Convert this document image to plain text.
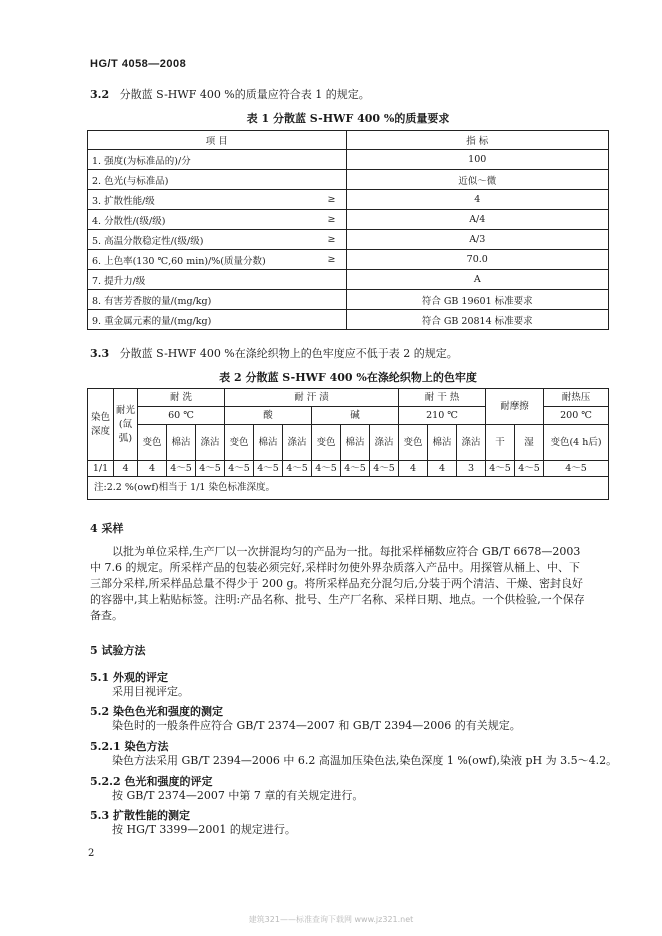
HG/T 4058—2008
3.2 分散蓝 S-HWF 400 %的质量应符合表 1 的规定。
表 1 分散蓝 S-HWF 400 %的质量要求
项 目		指 标
1. 强度(为标准品的)/分		100
2. 色光(与标准品)		近似～微
3. 扩散性能/级	≥	4
4. 分散性/(级/级)	≥	A/4
5. 高温分散稳定性/(级/级)	≥	A/3
6. 上色率(130 ℃,60 min)/%(质量分数)	≥	70.0
7. 提升力/级		A
8. 有害芳香胺的量/(mg/kg)		符合 GB 19601 标准要求
9. 重金属元素的量/(mg/kg)		符合 GB 20814 标准要求
3.3 分散蓝 S-HWF 400 %在涤纶织物上的色牢度应不低于表 2 的规定。
表 2 分散蓝 S-HWF 400 %在涤纶织物上的色牢度
染色深度	耐光(氙弧)	耐 洗			耐 汗 渍						耐 干 热			耐摩擦		耐热压
		60 ℃			酸			碱			210 ℃					200 ℃
		变色	棉沾	涤沾	变色	棉沾	涤沾	变色	棉沾	涤沾	变色	棉沾	涤沾	干	湿	变色(4 h后)
1/1	4	4	4～5	4～5	4～5	4～5	4～5	4～5	4～5	4～5	4	4	3	4～5	4～5	4～5
注:2.2 %(owf)相当于 1/1 染色标准深度。																
4 采样
以批为单位采样,生产厂以一次拼混均匀的产品为一批。每批采样桶数应符合 GB/T 6678—2003
中 7.6 的规定。所采样产品的包装必须完好,采样时勿使外界杂质落入产品中。用探管从桶上、中、下
三部分采样,所采样品总量不得少于 200 g。将所采样品充分混匀后,分装于两个清洁、干燥、密封良好
的容器中,其上粘贴标签。注明:产品名称、批号、生产厂名称、采样日期、地点。一个供检验,一个保存
备查。
5 试验方法
5.1 外观的评定
采用目视评定。
5.2 染色色光和强度的测定
染色时的一般条件应符合 GB/T 2374—2007 和 GB/T 2394—2006 的有关规定。
5.2.1 染色方法
染色方法采用 GB/T 2394—2006 中 6.2 高温加压染色法,染色深度 1 %(owf),染液 pH 为 3.5～4.2。
5.2.2 色光和强度的评定
按 GB/T 2374—2007 中第 7 章的有关规定进行。
5.3 扩散性能的测定
按 HG/T 3399—2001 的规定进行。
2
建筑321——标准查询下载网 www.jz321.net
